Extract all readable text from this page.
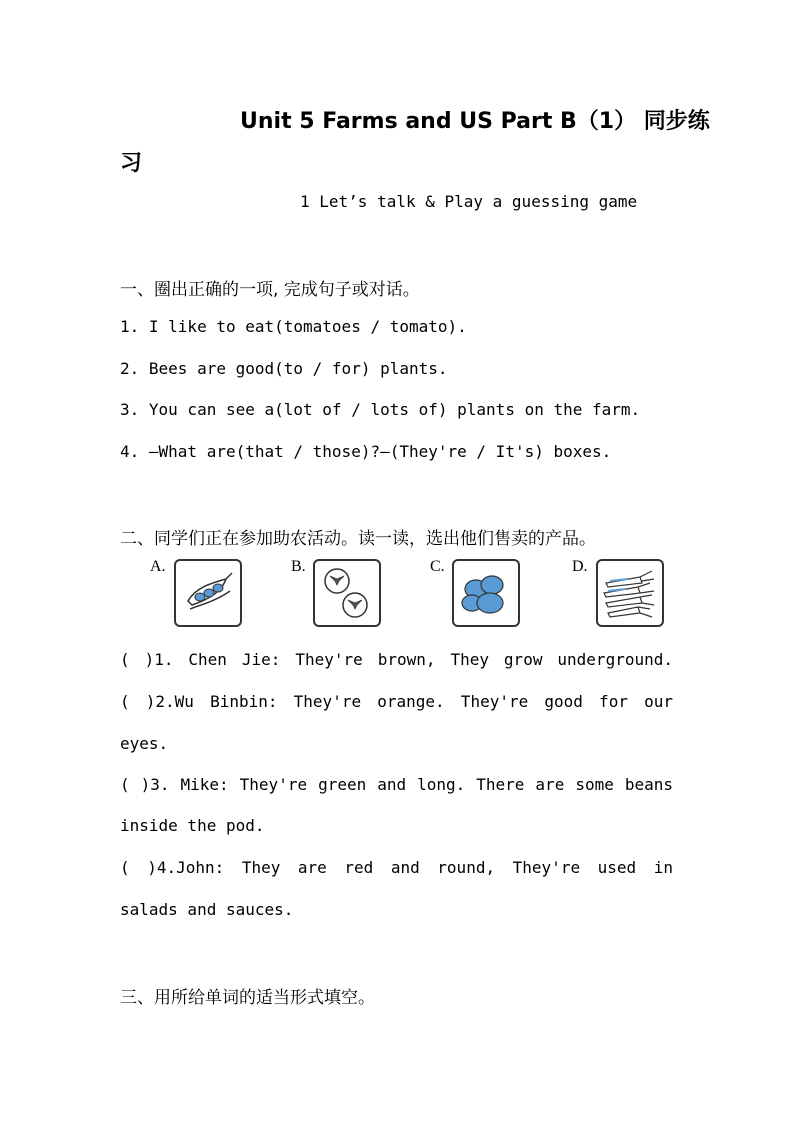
Unit 5 Farms and US Part B（1） 同步练
习
1 Let’s talk & Play a guessing game
一、圈出正确的一项, 完成句子或对话。
1. I like to eat(tomatoes / tomato).
2. Bees are good(to / for) plants.
3. You can see a(lot of / lots of) plants on the farm.
4. —What are(that / those)?—(They're / It's) boxes.
二、同学们正在参加助农活动。读一读，选出他们售卖的产品。
A.	B.	C.	D.
( )1. Chen Jie: They're brown, They grow underground.
( )2.Wu Binbin: They're orange. They're good for our
eyes.
( )3. Mike: They're green and long. There are some beans
inside the pod.
( )4.John: They are red and round, They're used in
salads and sauces.
三、用所给单词的适当形式填空。
